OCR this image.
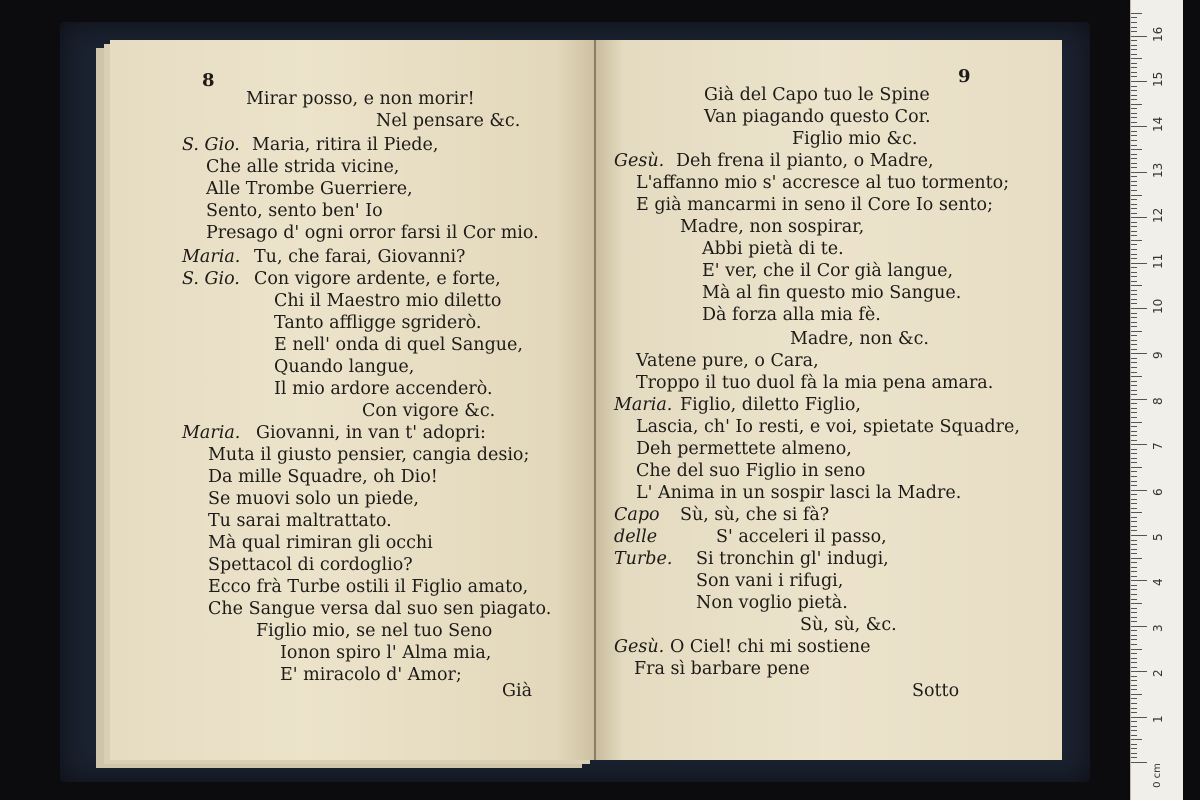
8
Mirar posso, e non morir!
Nel pensare &c.
S. Gio. Maria, ritira il Piede,
Che alle strida vicine,
Alle Trombe Guerriere,
Sento, sento ben' Io
Presago d' ogni orror farsi il Cor mio.
Maria. Tu, che farai, Giovanni?
S. Gio. Con vigore ardente, e forte,
Chi il Maestro mio diletto
Tanto affligge sgriderò.
E nell' onda di quel Sangue,
Quando langue,
Il mio ardore accenderò.
Con vigore &c.
Maria. Giovanni, in van t' adopri:
Muta il giusto pensier, cangia desio;
Da mille Squadre, oh Dio!
Se muovi solo un piede,
Tu sarai maltrattato.
Mà qual rimiran gli occhi
Spettacol di cordoglio?
Ecco frà Turbe ostili il Figlio amato,
Che Sangue versa dal suo sen piagato.
Figlio mio, se nel tuo Seno
Ionon spiro l' Alma mia,
E' miracolo d' Amor;
Già
9
Già del Capo tuo le Spine
Van piagando questo Cor.
Figlio mio &c.
Gesù. Deh frena il pianto, o Madre,
L'affanno mio s' accresce al tuo tormento;
E già mancarmi in seno il Core Io sento;
Madre, non sospirar,
Abbi pietà di te.
E' ver, che il Cor già langue,
Mà al fin questo mio Sangue.
Dà forza alla mia fè.
Madre, non &c.
Vatene pure, o Cara,
Troppo il tuo duol fà la mia pena amara.
Maria. Figlio, diletto Figlio,
Lascia, ch' Io resti, e voi, spietate Squadre,
Deh permettete almeno,
Che del suo Figlio in seno
L' Anima in un sospir lasci la Madre.
Capo Sù, sù, che si fà?
delle	S' acceleri il passo,
Turbe. Si tronchin gl' indugi,
Son vani i rifugi,
Non voglio pietà.
Sù, sù, &c.
Gesù. O Ciel! chi mi sostiene
Fra sì barbare pene
Sotto
0 cm
1
2
3
4
5
6
7
8
9
10
11
12
13
14
15
16
